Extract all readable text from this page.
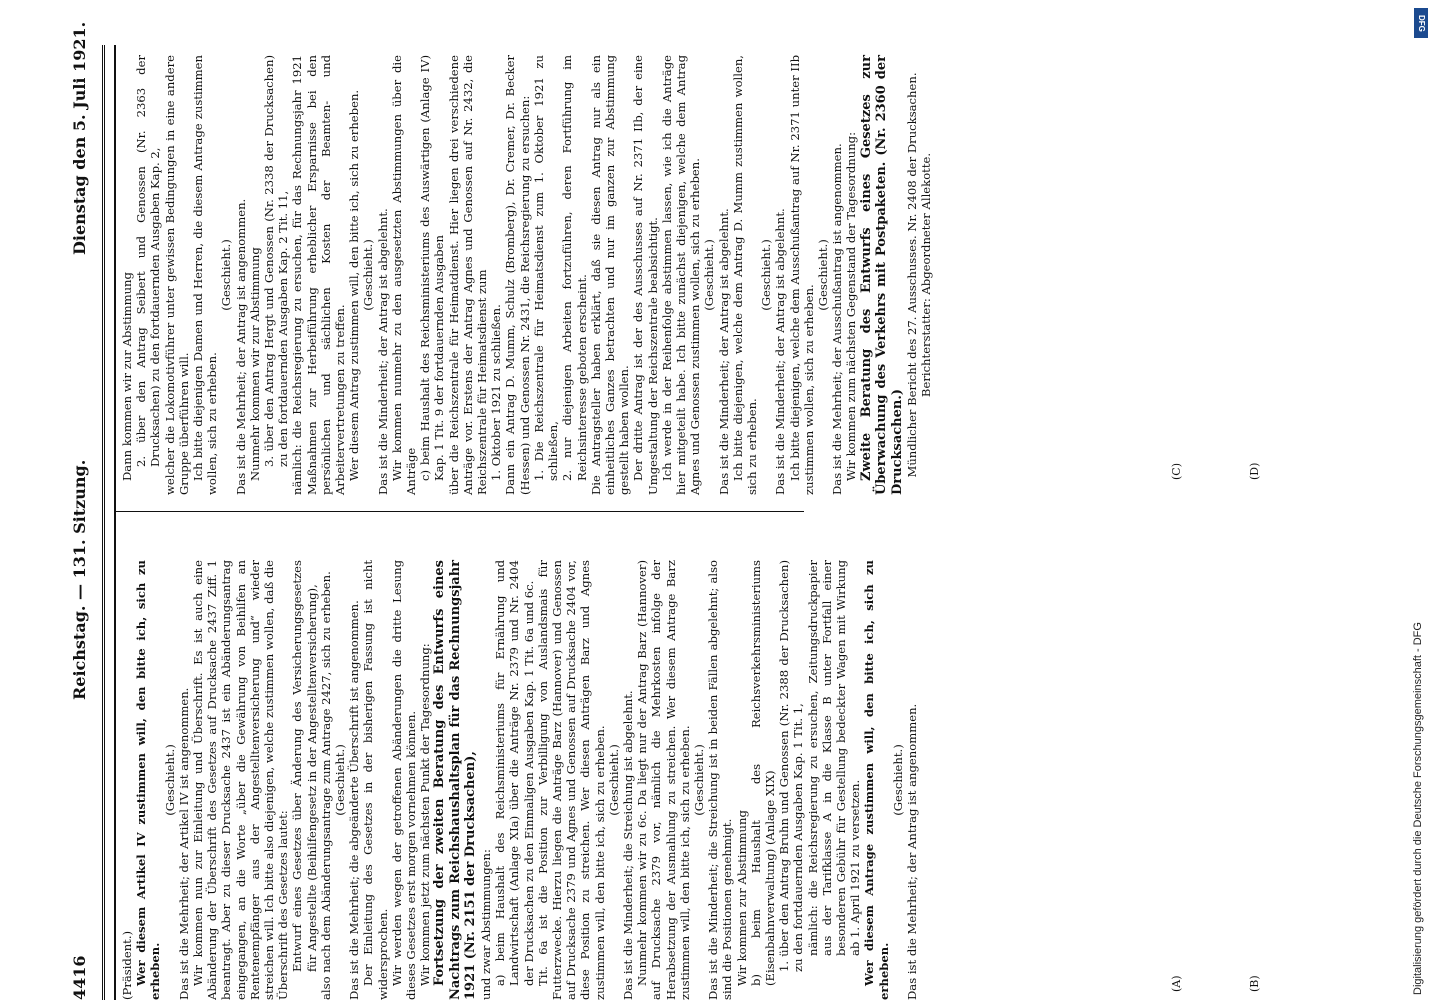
4416
Reichstag. — 131. Sitzung.
Dienstag den 5. Juli 1921.

(Präsident.) Wer diesem Artikel IV zustimmen will, den bitte ich, sich zu erheben.

(Geschieht.) Das ist die Mehrheit; der Artikel IV ist angenommen. Wir kommen nun zur Einleitung und Überschrift. Es ist auch eine Abänderung der Überschrift des Gesetzes auf Drucksache 2437 Ziff. 1 beantragt. Aber zu dieser Drucksache 2437 ist ein Abänderungsantrag eingegangen, an die Worte „über die Gewährung von Beihilfen an Rentenempfänger aus der Angestelltenversicherung und“ wieder streichen will. Ich bitte also diejenigen, welche zustimmen wollen, daß die Überschrift des Gesetzes lautet: Entwurf eines Gesetzes über Änderung des Versicherungsgesetzes für Angestellte (Beihilfengesetz in der Angestelltenversicherung), also nach dem Abänderungsantrage zum Antrage 2427, sich zu erheben. (Geschieht.) Das ist die Mehrheit; die abgeänderte Überschrift ist angenommen. Der Einleitung des Gesetzes in der bisherigen Fassung ist nicht widersprochen. Wir werden wegen der getroffenen Abänderungen die dritte Lesung dieses Gesetzes erst morgen vornehmen können. Wir kommen jetzt zum nächsten Punkt der Tagesordnung: Fortsetzung der zweiten Beratung des Entwurfs eines Nachtrags zum Reichshaushaltsplan für das Rechnungsjahr 1921 (Nr. 2151 der Drucksachen), und zwar Abstimmungen: a) beim Haushalt des Reichsministeriums für Ernährung und Landwirtschaft (Anlage XIa) über die Anträge Nr. 2379 und Nr. 2404 der Drucksachen zu den Einmaligen Ausgaben Kap. 1 Tit. 6a und 6c. Tit. 6a ist die Position zur Verbilligung von Auslandsmais für Futterzwecke. Hierzu liegen die Anträge Barz (Hannover) und Genossen auf Drucksache 2379 und Agnes und Genossen auf Drucksache 2404 vor, diese Position zu streichen. Wer diesen Anträgen Barz und Agnes zustimmen will, den bitte ich, sich zu erheben. (Geschieht.) Das ist die Minderheit; die Streichung ist abgelehnt. Nunmehr kommen wir zu 6c. Da liegt nur der Antrag Barz (Hannover) auf Drucksache 2379 vor, nämlich die Mehrkosten infolge der Herabsetzung der Ausmahlung zu streichen. Wer diesem Antrage Barz zustimmen will, den bitte ich, sich zu erheben. (Geschieht.) Das ist die Minderheit; die Streichung ist in beiden Fällen abgelehnt; also sind die Positionen genehmigt. Wir kommen zur Abstimmung b) beim Haushalt des Reichsverkehrsministeriums (Eisenbahnverwaltung) (Anlage XIX) 1. über den Antrag Bruhn und Genossen (Nr. 2388 der Drucksachen) zu den fortdauernden Ausgaben Kap. 1 Tit. 1, nämlich: die Reichsregierung zu ersuchen, Zeitungsdruckpapier aus der Tarifklasse A in die Klasse B unter Fortfall einer besonderen Gebühr für Gestellung bedeckter Wagen mit Wirkung ab 1. April 1921 zu versetzen. Wer diesem Antrage zustimmen will, den bitte ich, sich zu erheben.

(Geschieht.) Das ist die Mehrheit; der Antrag ist angenommen.

Dann kommen wir zur Abstimmung 2. über den Antrag Seibert und Genossen (Nr. 2363 der Drucksachen) zu den fortdauernden Ausgaben Kap. 2, welcher die Lokomotivführer unter gewissen Bedingungen in eine andere Gruppe überführen will. Ich bitte diejenigen Damen und Herren, die diesem Antrage zustimmen wollen, sich zu erheben.

(Geschieht.) Das ist die Mehrheit; der Antrag ist angenommen. Nunmehr kommen wir zur Abstimmung 3. über den Antrag Hergt und Genossen (Nr. 2338 der Drucksachen) zu den fortdauernden Ausgaben Kap. 2 Tit. 11, nämlich: die Reichsregierung zu ersuchen, für das Rechnungsjahr 1921 Maßnahmen zur Herbeiführung erheblicher Ersparnisse bei den persönlichen und sächlichen Kosten der Beamten- und Arbeitervertretungen zu treffen. Wer diesem Antrag zustimmen will, den bitte ich, sich zu erheben. (Geschieht.) Das ist die Minderheit; der Antrag ist abgelehnt. Wir kommen nunmehr zu den ausgesetzten Abstimmungen über die Anträge c) beim Haushalt des Reichsministeriums des Auswärtigen (Anlage IV) Kap. 1 Tit. 9 der fortdauernden Ausgaben über die Reichszentrale für Heimatdienst. Hier liegen drei verschiedene Anträge vor. Erstens der Antrag Agnes und Genossen auf Nr. 2432, die Reichszentrale für Heimatsdienst zum 1. Oktober 1921 zu schließen. Dann ein Antrag D. Mumm, Schulz (Bromberg), Dr. Cremer, Dr. Becker (Hessen) und Genossen Nr. 2431, die Reichsregierung zu ersuchen: 1. Die Reichszentrale für Heimatsdienst zum 1. Oktober 1921 zu schließen, 2. nur diejenigen Arbeiten fortzuführen, deren Fortführung im Reichsinteresse geboten erscheint. Die Antragsteller haben erklärt, daß sie diesen Antrag nur als ein einheitliches Ganzes betrachten und nur im ganzen zur Abstimmung gestellt haben wollen. Der dritte Antrag ist der des Ausschusses auf Nr. 2371 IIb, der eine Umgestaltung der Reichszentrale beabsichtigt. Ich werde in der Reihenfolge abstimmen lassen, wie ich die Anträge hier mitgeteilt habe. Ich bitte zunächst diejenigen, welche dem Antrag Agnes und Genossen zustimmen wollen, sich zu erheben. (Geschieht.) Das ist die Minderheit; der Antrag ist abgelehnt. Ich bitte diejenigen, welche dem Antrag D. Mumm zustimmen wollen, sich zu erheben.

(Geschieht.) Das ist die Minderheit; der Antrag ist abgelehnt. Ich bitte diejenigen, welche dem Ausschußantrag auf Nr. 2371 unter IIb zustimmen wollen, sich zu erheben.

(Geschieht.) Das ist die Mehrheit; der Ausschußantrag ist angenommen. Wir kommen zum nächsten Gegenstand der Tagesordnung: Zweite Beratung des Entwurfs eines Gesetzes zur Überwachung des Verkehrs mit Postpaketen. (Nr. 2360 der Drucksachen.) Mündlicher Bericht des 27. Ausschusses. Nr. 2408 der Drucksachen. Berichterstatter: Abgeordneter Allekotte.

(A)	(B)
(C)	(D)
Digitalisierung gefördert durch die Deutsche Forschungsgemeinschaft - DFG
DFG
